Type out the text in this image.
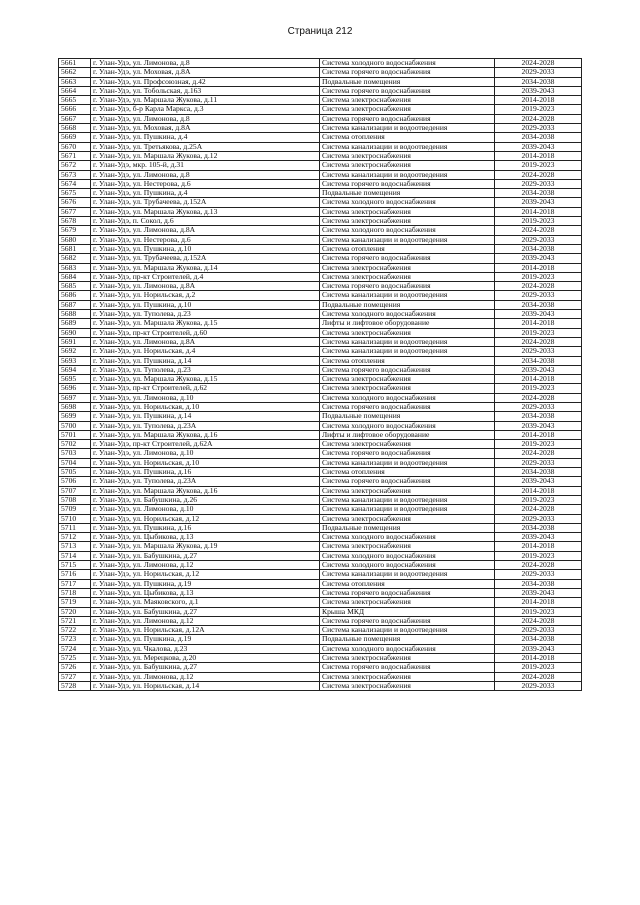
Страница 212
5661	г. Улан-Удэ, ул. Лимонова, д.8	Система холодного водоснабжения	2024-2028
5662	г. Улан-Удэ, ул. Моховая, д.8А	Система горячего водоснабжения	2029-2033
5663	г. Улан-Удэ, ул. Профсоюзная, д.42	Подвальные помещения	2034-2038
5664	г. Улан-Удэ, ул. Тобольская, д.163	Система горячего водоснабжения	2039-2043
5665	г. Улан-Удэ, ул. Маршала Жукова, д.11	Система электроснабжения	2014-2018
5666	г. Улан-Удэ, б-р Карла Маркса, д.3	Система электроснабжения	2019-2023
5667	г. Улан-Удэ, ул. Лимонова, д.8	Система горячего водоснабжения	2024-2028
5668	г. Улан-Удэ, ул. Моховая, д.8А	Система канализации и водоотведения	2029-2033
5669	г. Улан-Удэ, ул. Пушкина, д.4	Система отопления	2034-2038
5670	г. Улан-Удэ, ул. Третьякова, д.25А	Система канализации и водоотведения	2039-2043
5671	г. Улан-Удэ, ул. Маршала Жукова, д.12	Система электроснабжения	2014-2018
5672	г. Улан-Удэ, мкр. 105-й, д.31	Система электроснабжения	2019-2023
5673	г. Улан-Удэ, ул. Лимонова, д.8	Система канализации и водоотведения	2024-2028
5674	г. Улан-Удэ, ул. Нестерова, д.6	Система горячего водоснабжения	2029-2033
5675	г. Улан-Удэ, ул. Пушкина, д.4	Подвальные помещения	2034-2038
5676	г. Улан-Удэ, ул. Трубачеева, д.152А	Система холодного водоснабжения	2039-2043
5677	г. Улан-Удэ, ул. Маршала Жукова, д.13	Система электроснабжения	2014-2018
5678	г. Улан-Удэ, п. Сокол, д.6	Система электроснабжения	2019-2023
5679	г. Улан-Удэ, ул. Лимонова, д.8А	Система холодного водоснабжения	2024-2028
5680	г. Улан-Удэ, ул. Нестерова, д.6	Система канализации и водоотведения	2029-2033
5681	г. Улан-Удэ, ул. Пушкина, д.10	Система отопления	2034-2038
5682	г. Улан-Удэ, ул. Трубачеева, д.152А	Система горячего водоснабжения	2039-2043
5683	г. Улан-Удэ, ул. Маршала Жукова, д.14	Система электроснабжения	2014-2018
5684	г. Улан-Удэ, пр-кт Строителей, д.4	Система электроснабжения	2019-2023
5685	г. Улан-Удэ, ул. Лимонова, д.8А	Система горячего водоснабжения	2024-2028
5686	г. Улан-Удэ, ул. Норильская, д.2	Система канализации и водоотведения	2029-2033
5687	г. Улан-Удэ, ул. Пушкина, д.10	Подвальные помещения	2034-2038
5688	г. Улан-Удэ, ул. Туполева, д.23	Система холодного водоснабжения	2039-2043
5689	г. Улан-Удэ, ул. Маршала Жукова, д.15	Лифты и лифтовое оборудование	2014-2018
5690	г. Улан-Удэ, пр-кт Строителей, д.60	Система электроснабжения	2019-2023
5691	г. Улан-Удэ, ул. Лимонова, д.8А	Система канализации и водоотведения	2024-2028
5692	г. Улан-Удэ, ул. Норильская, д.4	Система канализации и водоотведения	2029-2033
5693	г. Улан-Удэ, ул. Пушкина, д.14	Система отопления	2034-2038
5694	г. Улан-Удэ, ул. Туполева, д.23	Система горячего водоснабжения	2039-2043
5695	г. Улан-Удэ, ул. Маршала Жукова, д.15	Система электроснабжения	2014-2018
5696	г. Улан-Удэ, пр-кт Строителей, д.62	Система электроснабжения	2019-2023
5697	г. Улан-Удэ, ул. Лимонова, д.10	Система холодного водоснабжения	2024-2028
5698	г. Улан-Удэ, ул. Норильская, д.10	Система горячего водоснабжения	2029-2033
5699	г. Улан-Удэ, ул. Пушкина, д.14	Подвальные помещения	2034-2038
5700	г. Улан-Удэ, ул. Туполева, д.23А	Система холодного водоснабжения	2039-2043
5701	г. Улан-Удэ, ул. Маршала Жукова, д.16	Лифты и лифтовое оборудование	2014-2018
5702	г. Улан-Удэ, пр-кт Строителей, д.62А	Система электроснабжения	2019-2023
5703	г. Улан-Удэ, ул. Лимонова, д.10	Система горячего водоснабжения	2024-2028
5704	г. Улан-Удэ, ул. Норильская, д.10	Система канализации и водоотведения	2029-2033
5705	г. Улан-Удэ, ул. Пушкина, д.16	Система отопления	2034-2038
5706	г. Улан-Удэ, ул. Туполева, д.23А	Система горячего водоснабжения	2039-2043
5707	г. Улан-Удэ, ул. Маршала Жукова, д.16	Система электроснабжения	2014-2018
5708	г. Улан-Удэ, ул. Бабушкина, д.26	Система канализации и водоотведения	2019-2023
5709	г. Улан-Удэ, ул. Лимонова, д.10	Система канализации и водоотведения	2024-2028
5710	г. Улан-Удэ, ул. Норильская, д.12	Система электроснабжения	2029-2033
5711	г. Улан-Удэ, ул. Пушкина, д.16	Подвальные помещения	2034-2038
5712	г. Улан-Удэ, ул. Цыбикова, д.13	Система холодного водоснабжения	2039-2043
5713	г. Улан-Удэ, ул. Маршала Жукова, д.19	Система электроснабжения	2014-2018
5714	г. Улан-Удэ, ул. Бабушкина, д.27	Система холодного водоснабжения	2019-2023
5715	г. Улан-Удэ, ул. Лимонова, д.12	Система холодного водоснабжения	2024-2028
5716	г. Улан-Удэ, ул. Норильская, д.12	Система канализации и водоотведения	2029-2033
5717	г. Улан-Удэ, ул. Пушкина, д.19	Система отопления	2034-2038
5718	г. Улан-Удэ, ул. Цыбикова, д.13	Система горячего водоснабжения	2039-2043
5719	г. Улан-Удэ, ул. Маяковского, д.1	Система электроснабжения	2014-2018
5720	г. Улан-Удэ, ул. Бабушкина, д.27	Крыша МКД	2019-2023
5721	г. Улан-Удэ, ул. Лимонова, д.12	Система горячего водоснабжения	2024-2028
5722	г. Улан-Удэ, ул. Норильская, д.12А	Система канализации и водоотведения	2029-2033
5723	г. Улан-Удэ, ул. Пушкина, д.19	Подвальные помещения	2034-2038
5724	г. Улан-Удэ, ул. Чкалова, д.23	Система холодного водоснабжения	2039-2043
5725	г. Улан-Удэ, ул. Мерецкова, д.20	Система электроснабжения	2014-2018
5726	г. Улан-Удэ, ул. Бабушкина, д.27	Система горячего водоснабжения	2019-2023
5727	г. Улан-Удэ, ул. Лимонова, д.12	Система электроснабжения	2024-2028
5728	г. Улан-Удэ, ул. Норильская, д.14	Система электроснабжения	2029-2033
